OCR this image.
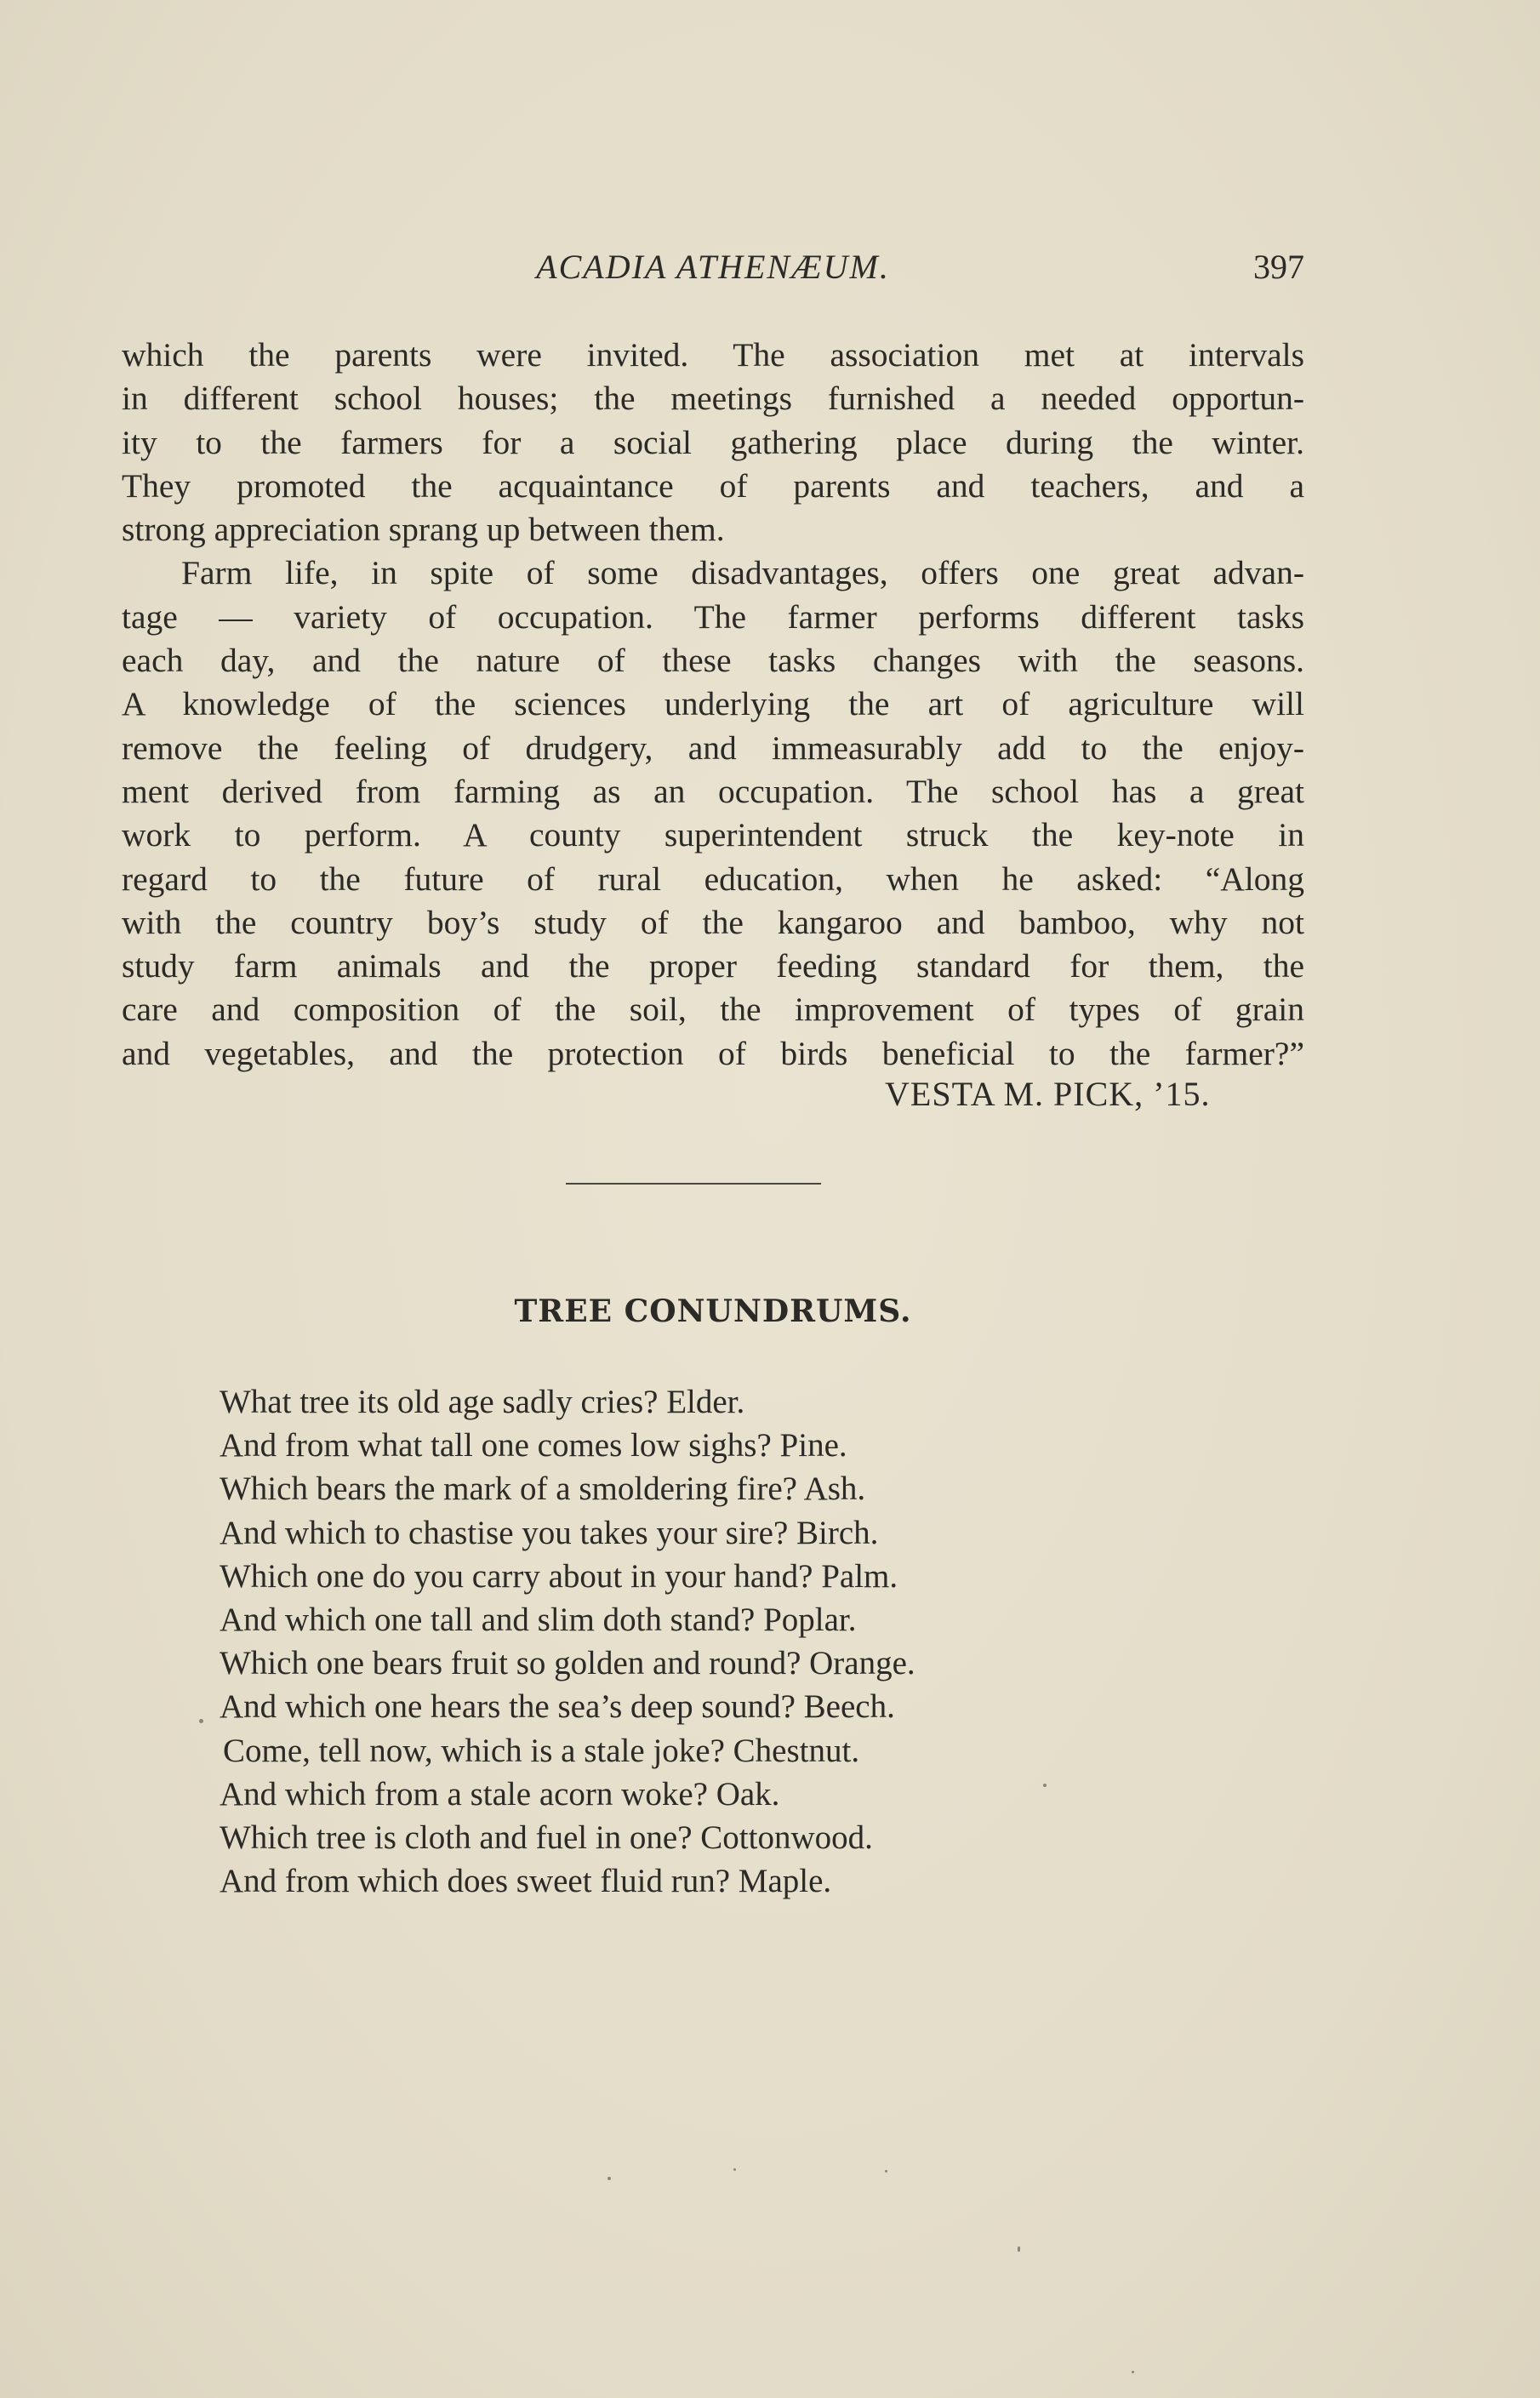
ACADIA ATHENÆUM.	397
which the parents were invited. The association met at intervals
in different school houses; the meetings furnished a needed opportun-
ity to the farmers for a social gathering place during the winter.
They promoted the acquaintance of parents and teachers, and a
strong appreciation sprang up between them.
Farm life, in spite of some disadvantages, offers one great advan-
tage — variety of occupation. The farmer performs different tasks
each day, and the nature of these tasks changes with the seasons.
A knowledge of the sciences underlying the art of agriculture will
remove the feeling of drudgery, and immeasurably add to the enjoy-
ment derived from farming as an occupation. The school has a great
work to perform. A county superintendent struck the key-note in
regard to the future of rural education, when he asked: “Along
with the country boy’s study of the kangaroo and bamboo, why not
study farm animals and the proper feeding standard for them, the
care and composition of the soil, the improvement of types of grain
and vegetables, and the protection of birds beneficial to the farmer?”
VESTA M. PICK, ’15.
TREE CONUNDRUMS.
What tree its old age sadly cries? Elder.
And from what tall one comes low sighs? Pine.
Which bears the mark of a smoldering fire? Ash.
And which to chastise you takes your sire? Birch.
Which one do you carry about in your hand? Palm.
And which one tall and slim doth stand? Poplar.
Which one bears fruit so golden and round? Orange.
And which one hears the sea’s deep sound? Beech.
Come, tell now, which is a stale joke? Chestnut.
And which from a stale acorn woke? Oak.
Which tree is cloth and fuel in one? Cottonwood.
And from which does sweet fluid run? Maple.
